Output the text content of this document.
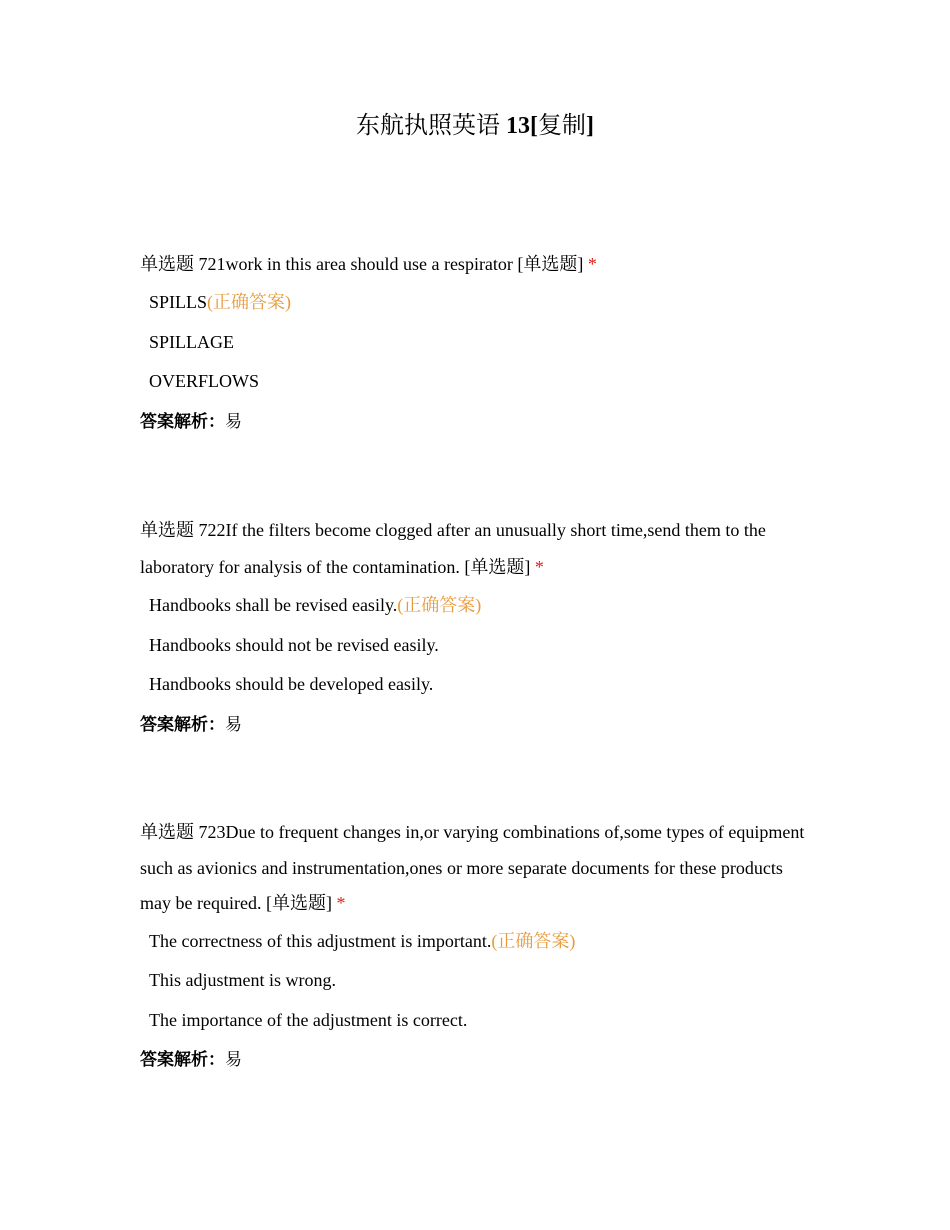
东航执照英语 13[复制]

单选题 721work in this area should use a respirator [单选题] *

SPILLS(正确答案)
SPILLAGE
OVERFLOWS
答案解析：易

单选题 722If the filters become clogged after an unusually short time,send them to the laboratory for analysis of the contamination. [单选题] *

Handbooks shall be revised easily.(正确答案)
Handbooks should not be revised easily.
Handbooks should be developed easily.
答案解析：易

单选题 723Due to frequent changes in,or varying combinations of,some types of equipment such as avionics and instrumentation,ones or more separate documents for these products may be required. [单选题] *

The correctness of this adjustment is important.(正确答案)
This adjustment is wrong.
The importance of the adjustment is correct.
答案解析：易
